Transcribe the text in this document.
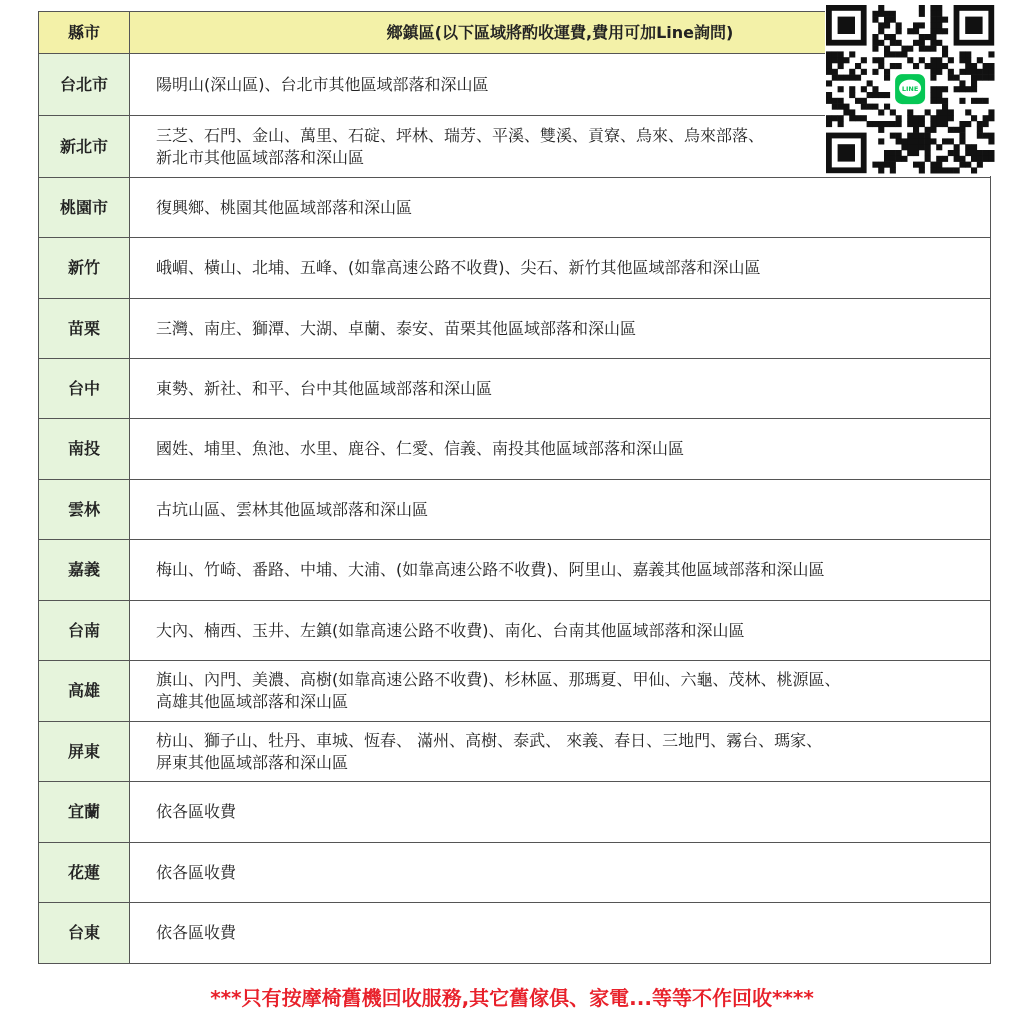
縣市	鄉鎮區(以下區域將酌收運費,費用可加Line詢問)
台北市	陽明山(深山區)、台北市其他區域部落和深山區

新北市	三芝、石門、金山、萬里、石碇、坪林、瑞芳、平溪、雙溪、貢寮、烏來、烏來部落、
新北市其他區域部落和深山區

桃園市	復興鄉、桃園其他區域部落和深山區

新竹	峨嵋、橫山、北埔、五峰、(如靠高速公路不收費)、尖石、新竹其他區域部落和深山區

苗栗	三灣、南庄、獅潭、大湖、卓蘭、泰安、苗栗其他區域部落和深山區

台中	東勢、新社、和平、台中其他區域部落和深山區

南投	國姓、埔里、魚池、水里、鹿谷、仁愛、信義、南投其他區域部落和深山區

雲林	古坑山區、雲林其他區域部落和深山區

嘉義	梅山、竹崎、番路、中埔、大浦、(如靠高速公路不收費)、阿里山、嘉義其他區域部落和深山區

台南	大內、楠西、玉井、左鎮(如靠高速公路不收費)、南化、台南其他區域部落和深山區

高雄	旗山、內門、美濃、高樹(如靠高速公路不收費)、杉林區、那瑪夏、甲仙、六龜、茂林、桃源區、
高雄其他區域部落和深山區

屏東	枋山、獅子山、牡丹、車城、恆春、 滿州、高樹、泰武、 來義、春日、三地門、霧台、瑪家、
屏東其他區域部落和深山區

宜蘭	依各區收費

花蓮	依各區收費

台東	依各區收費
LINE
***只有按摩椅舊機回收服務,其它舊傢俱、家電...等等不作回收****
